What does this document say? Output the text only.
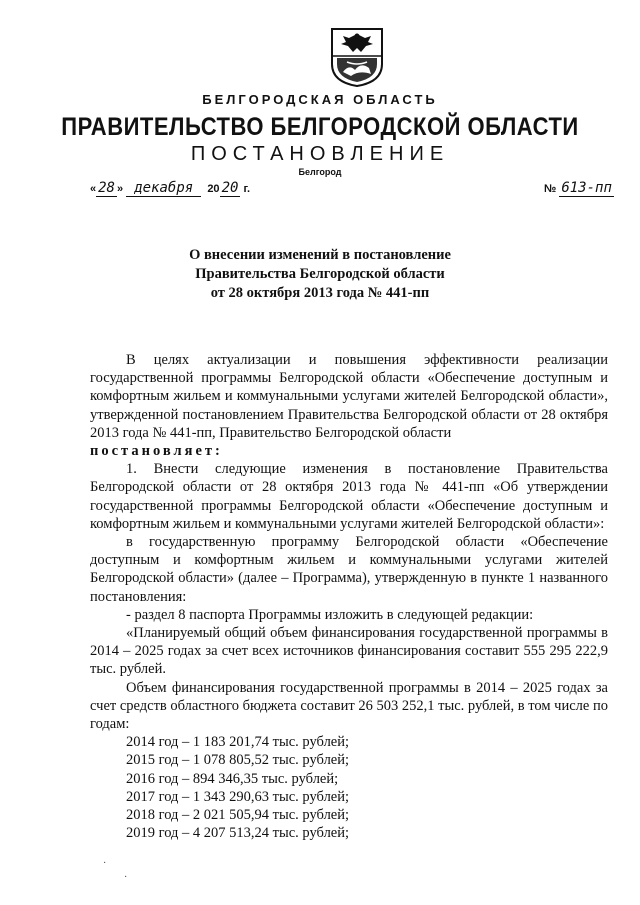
БЕЛГОРОДСКАЯ ОБЛАСТЬ
ПРАВИТЕЛЬСТВО БЕЛГОРОДСКОЙ ОБЛАСТИ
ПОСТАНОВЛЕНИЕ
Белгород
« 28 » декабря 20 20 г.	№ 613-пп
О внесении изменений в постановление
Правительства Белгородской области
от 28 октября 2013 года № 441-пп

В целях актуализации и повышения эффективности реализации государственной программы Белгородской области «Обеспечение доступным и комфортным жильем и коммунальными услугами жителей Белгородской области», утвержденной постановлением Правительства Белгородской области от 28 октября 2013 года № 441-пп, Правительство Белгородской области

постановляет:

1. Внести следующие изменения в постановление Правительства Белгородской области от 28 октября 2013 года № 441-пп «Об утверждении государственной программы Белгородской области «Обеспечение доступным и комфортным жильем и коммунальными услугами жителей Белгородской области»:

в государственную программу Белгородской области «Обеспечение доступным и комфортным жильем и коммунальными услугами жителей Белгородской области» (далее – Программа), утвержденную в пункте 1 названного постановления:

- раздел 8 паспорта Программы изложить в следующей редакции:

«Планируемый общий объем финансирования государственной программы в 2014 – 2025 годах за счет всех источников финансирования составит 555 295 222,9 тыс. рублей.

Объем финансирования государственной программы в 2014 – 2025 годах за счет средств областного бюджета составит 26 503 252,1 тыс. рублей, в том числе по годам:

2014 год – 1 183 201,74 тыс. рублей;

2015 год – 1 078 805,52 тыс. рублей;

2016 год – 894 346,35 тыс. рублей;

2017 год – 1 343 290,63 тыс. рублей;

2018 год – 2 021 505,94 тыс. рублей;

2019 год – 4 207 513,24 тыс. рублей;

·
·
